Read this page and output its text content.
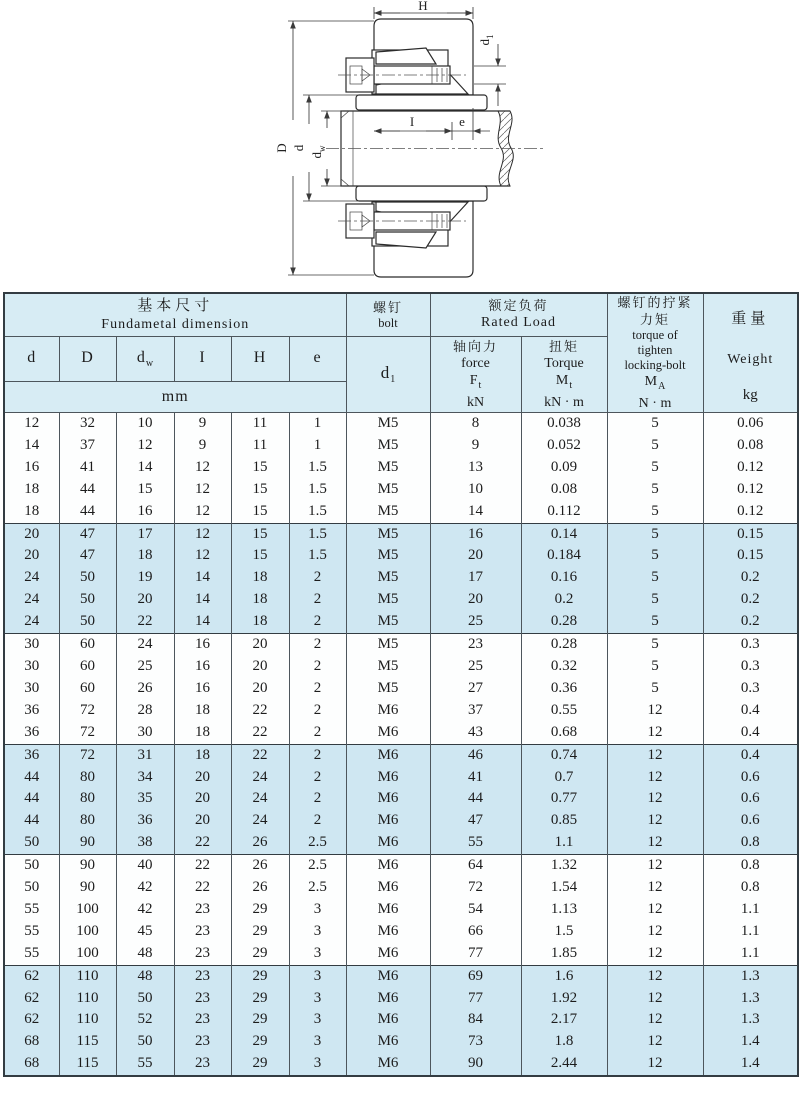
H
$d_1$
D d
$d_w$
I	e
基本尺寸
Fundametal dimension

螺钉
bolt

额定负荷
Rated Load

螺钉的拧紧
力矩
torque of
tighten
locking-bolt
$M_A$
N · m

重量
Weight
kg

d	D	$d_w$	I	H	e	$d_1$	
轴向力
force
$F_t$
kN

扭矩
Torque
$M_t$
kN · m

mm										
12	32	10	9	11	1	M5	8	0.038	5	0.06
14	37	12	9	11	1	M5	9	0.052	5	0.08
16	41	14	12	15	1.5	M5	13	0.09	5	0.12
18	44	15	12	15	1.5	M5	10	0.08	5	0.12
18	44	16	12	15	1.5	M5	14	0.112	5	0.12
20	47	17	12	15	1.5	M5	16	0.14	5	0.15
20	47	18	12	15	1.5	M5	20	0.184	5	0.15
24	50	19	14	18	2	M5	17	0.16	5	0.2
24	50	20	14	18	2	M5	20	0.2	5	0.2
24	50	22	14	18	2	M5	25	0.28	5	0.2
30	60	24	16	20	2	M5	23	0.28	5	0.3
30	60	25	16	20	2	M5	25	0.32	5	0.3
30	60	26	16	20	2	M5	27	0.36	5	0.3
36	72	28	18	22	2	M6	37	0.55	12	0.4
36	72	30	18	22	2	M6	43	0.68	12	0.4
36	72	31	18	22	2	M6	46	0.74	12	0.4
44	80	34	20	24	2	M6	41	0.7	12	0.6
44	80	35	20	24	2	M6	44	0.77	12	0.6
44	80	36	20	24	2	M6	47	0.85	12	0.6
50	90	38	22	26	2.5	M6	55	1.1	12	0.8
50	90	40	22	26	2.5	M6	64	1.32	12	0.8
50	90	42	22	26	2.5	M6	72	1.54	12	0.8
55	100	42	23	29	3	M6	54	1.13	12	1.1
55	100	45	23	29	3	M6	66	1.5	12	1.1
55	100	48	23	29	3	M6	77	1.85	12	1.1
62	110	48	23	29	3	M6	69	1.6	12	1.3
62	110	50	23	29	3	M6	77	1.92	12	1.3
62	110	52	23	29	3	M6	84	2.17	12	1.3
68	115	50	23	29	3	M6	73	1.8	12	1.4
68	115	55	23	29	3	M6	90	2.44	12	1.4
